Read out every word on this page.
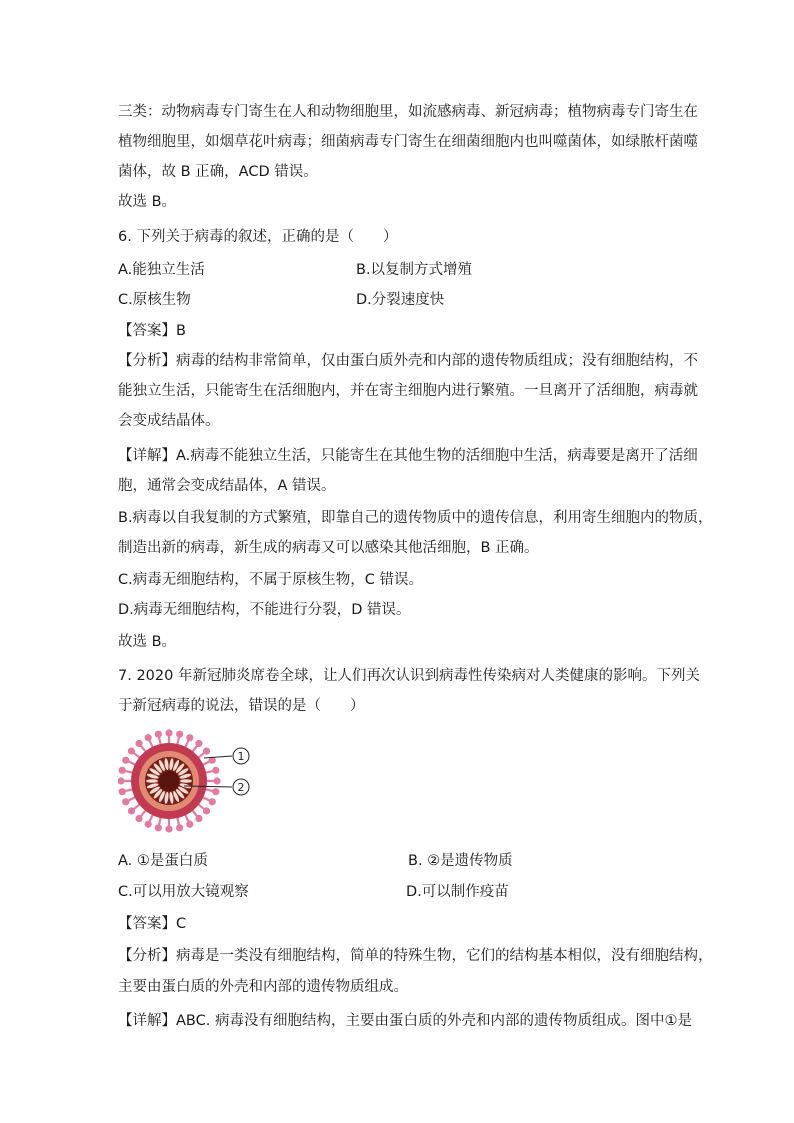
三类：动物病毒专门寄生在人和动物细胞里，如流感病毒、新冠病毒；植物病毒专门寄生在
植物细胞里，如烟草花叶病毒；细菌病毒专门寄生在细菌细胞内也叫噬菌体，如绿脓杆菌噬
菌体，故 B 正确，ACD 错误。
故选 B。
6. 下列关于病毒的叙述，正确的是（　　）
A.能独立生活	B.以复制方式增殖
C.原核生物	D.分裂速度快
【答案】B
【分析】病毒的结构非常简单，仅由蛋白质外壳和内部的遗传物质组成；没有细胞结构，不
能独立生活，只能寄生在活细胞内，并在寄主细胞内进行繁殖。一旦离开了活细胞，病毒就
会变成结晶体。
【详解】A.病毒不能独立生活，只能寄生在其他生物的活细胞中生活，病毒要是离开了活细
胞，通常会变成结晶体，A 错误。
B.病毒以自我复制的方式繁殖，即靠自己的遗传物质中的遗传信息，利用寄生细胞内的物质，
制造出新的病毒，新生成的病毒又可以感染其他活细胞，B 正确。
C.病毒无细胞结构，不属于原核生物，C 错误。
D.病毒无细胞结构，不能进行分裂，D 错误。
故选 B。
7. 2020 年新冠肺炎席卷全球，让人们再次认识到病毒性传染病对人类健康的影响。下列关
于新冠病毒的说法，错误的是（　　）
1
2
A. ①是蛋白质	B. ②是遗传物质
C.可以用放大镜观察	D.可以制作疫苗
【答案】C
【分析】病毒是一类没有细胞结构，简单的特殊生物，它们的结构基本相似，没有细胞结构，
主要由蛋白质的外壳和内部的遗传物质组成。
【详解】ABC. 病毒没有细胞结构，主要由蛋白质的外壳和内部的遗传物质组成。图中①是
